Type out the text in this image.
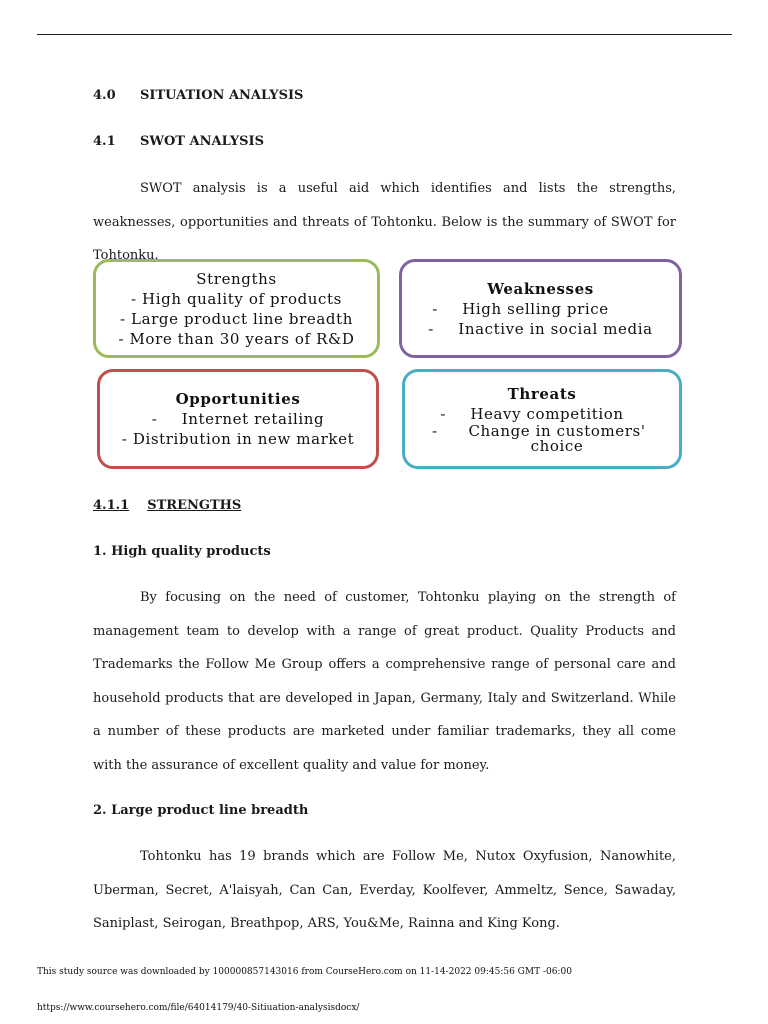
4.0 SITUATION ANALYSIS
4.1 SWOT ANALYSIS
SWOT analysis is a useful aid which identifies and lists the strengths, weaknesses, opportunities and threats of Tohtonku. Below is the summary of SWOT for Tohtonku.
Strengths
- High quality of products
- Large product line breadth
- More than 30 years of R&D
Weaknesses
-	High selling price
-	Inactive in social media
Opportunities
-	Internet retailing
- Distribution in new market
Threats
-	Heavy competition
-	Change in customers' choice
4.1.1 STRENGTHS
1. High quality products
By focusing on the need of customer, Tohtonku playing on the strength of management team to develop with a range of great product. Quality Products and Trademarks the Follow Me Group offers a comprehensive range of personal care and household products that are developed in Japan, Germany, Italy and Switzerland. While a number of these products are marketed under familiar trademarks, they all come with the assurance of excellent quality and value for money.
2. Large product line breadth
Tohtonku has 19 brands which are Follow Me, Nutox Oxyfusion, Nanowhite, Uberman, Secret, A'laisyah, Can Can, Everday, Koolfever, Ammeltz, Sence, Sawaday, Saniplast, Seirogan, Breathpop, ARS, You&Me, Rainna and King Kong.
This study source was downloaded by 100000857143016 from CourseHero.com on 11-14-2022 09:45:56 GMT -06:00
https://www.coursehero.com/file/64014179/40-Sitiuation-analysisdocx/
